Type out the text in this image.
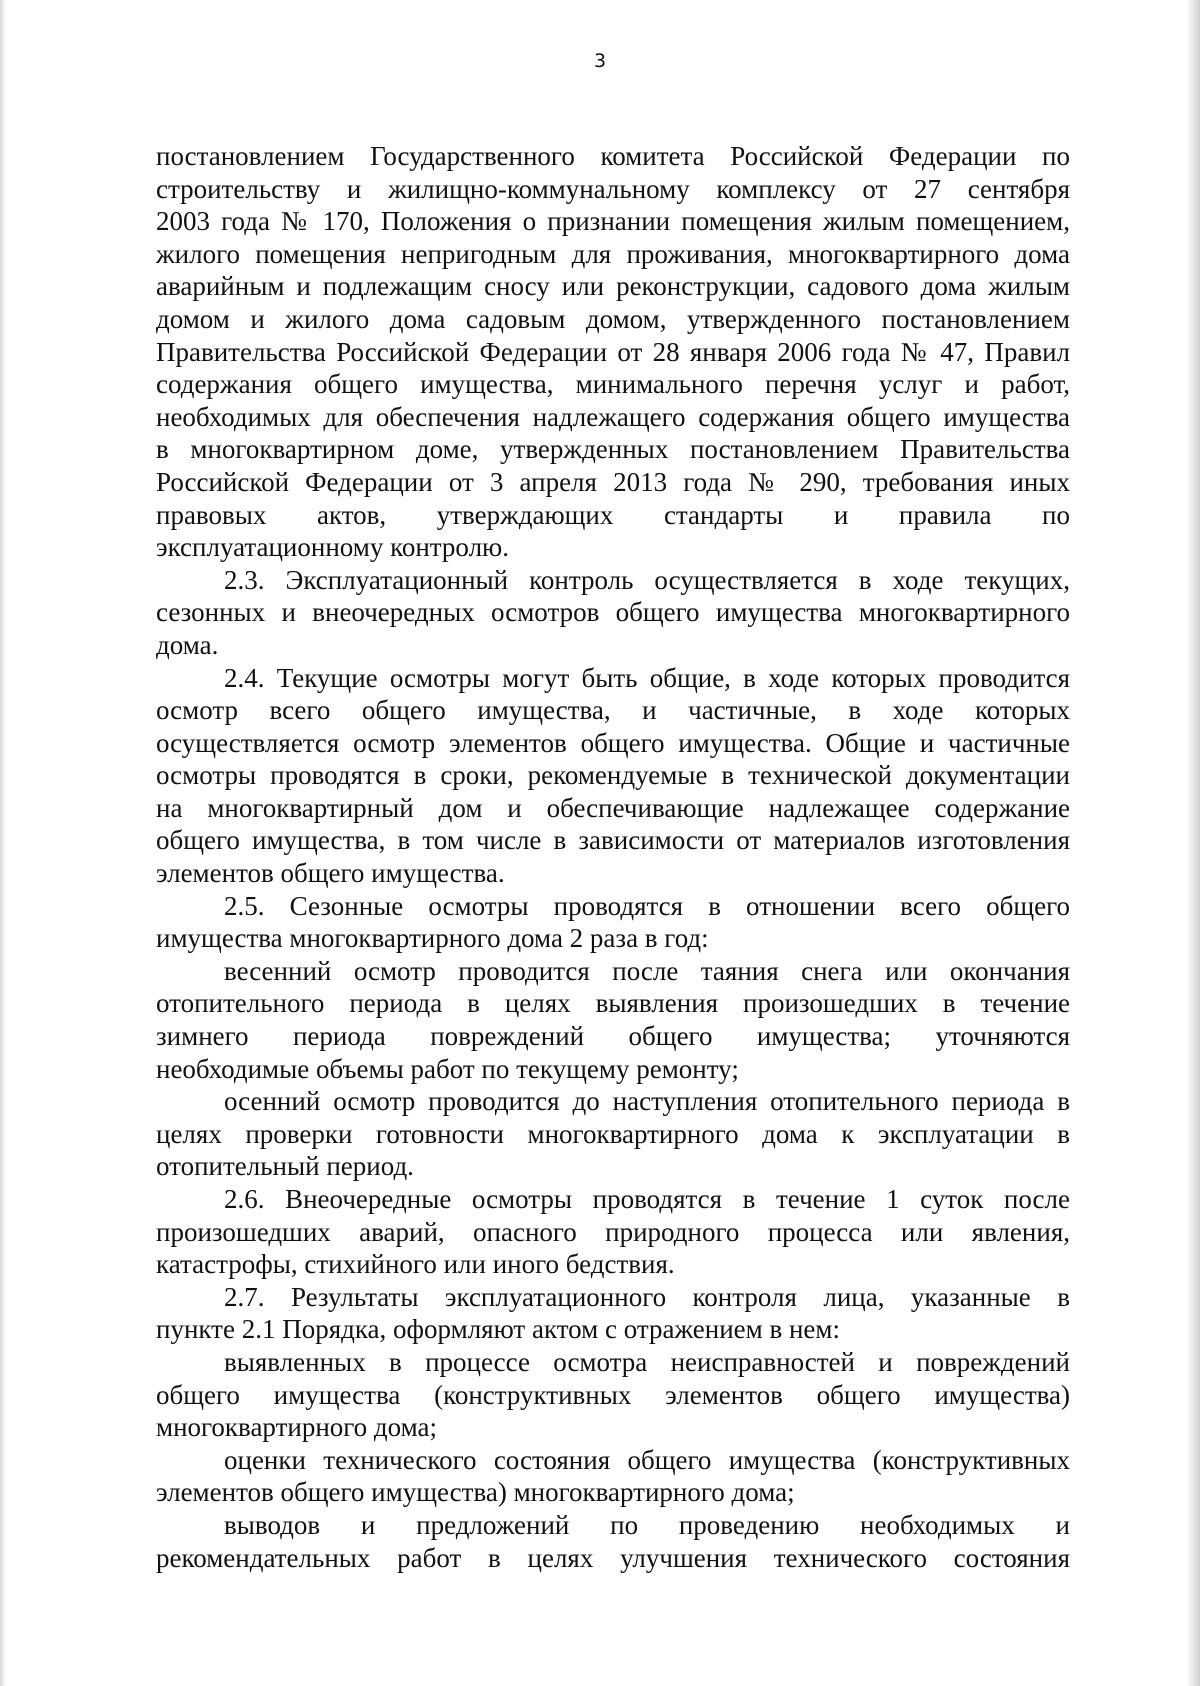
3

постановлением Государственного комитета Российской Федерации по
строительству и жилищно-коммунальному комплексу от 27 сентября
2003 года № 170, Положения о признании помещения жилым помещением,
жилого помещения непригодным для проживания, многоквартирного дома
аварийным и подлежащим сносу или реконструкции, садового дома жилым
домом и жилого дома садовым домом, утвержденного постановлением
Правительства Российской Федерации от 28 января 2006 года № 47, Правил
содержания общего имущества, минимального перечня услуг и работ,
необходимых для обеспечения надлежащего содержания общего имущества
в многоквартирном доме, утвержденных постановлением Правительства
Российской Федерации от 3 апреля 2013 года № 290, требования иных
правовых актов, утверждающих стандарты и правила по
эксплуатационному контролю.

2.3. Эксплуатационный контроль осуществляется в ходе текущих,
сезонных и внеочередных осмотров общего имущества многоквартирного
дома.

2.4. Текущие осмотры могут быть общие, в ходе которых проводится
осмотр всего общего имущества, и частичные, в ходе которых
осуществляется осмотр элементов общего имущества. Общие и частичные
осмотры проводятся в сроки, рекомендуемые в технической документации
на многоквартирный дом и обеспечивающие надлежащее содержание
общего имущества, в том числе в зависимости от материалов изготовления
элементов общего имущества.

2.5. Сезонные осмотры проводятся в отношении всего общего
имущества многоквартирного дома 2 раза в год:

весенний осмотр проводится после таяния снега или окончания
отопительного периода в целях выявления произошедших в течение
зимнего периода повреждений общего имущества; уточняются
необходимые объемы работ по текущему ремонту;

осенний осмотр проводится до наступления отопительного периода в
целях проверки готовности многоквартирного дома к эксплуатации в
отопительный период.

2.6. Внеочередные осмотры проводятся в течение 1 суток после
произошедших аварий, опасного природного процесса или явления,
катастрофы, стихийного или иного бедствия.

2.7. Результаты эксплуатационного контроля лица, указанные в
пункте 2.1 Порядка, оформляют актом с отражением в нем:

выявленных в процессе осмотра неисправностей и повреждений
общего имущества (конструктивных элементов общего имущества)
многоквартирного дома;

оценки технического состояния общего имущества (конструктивных
элементов общего имущества) многоквартирного дома;

выводов и предложений по проведению необходимых и
рекомендательных работ в целях улучшения технического состояния
